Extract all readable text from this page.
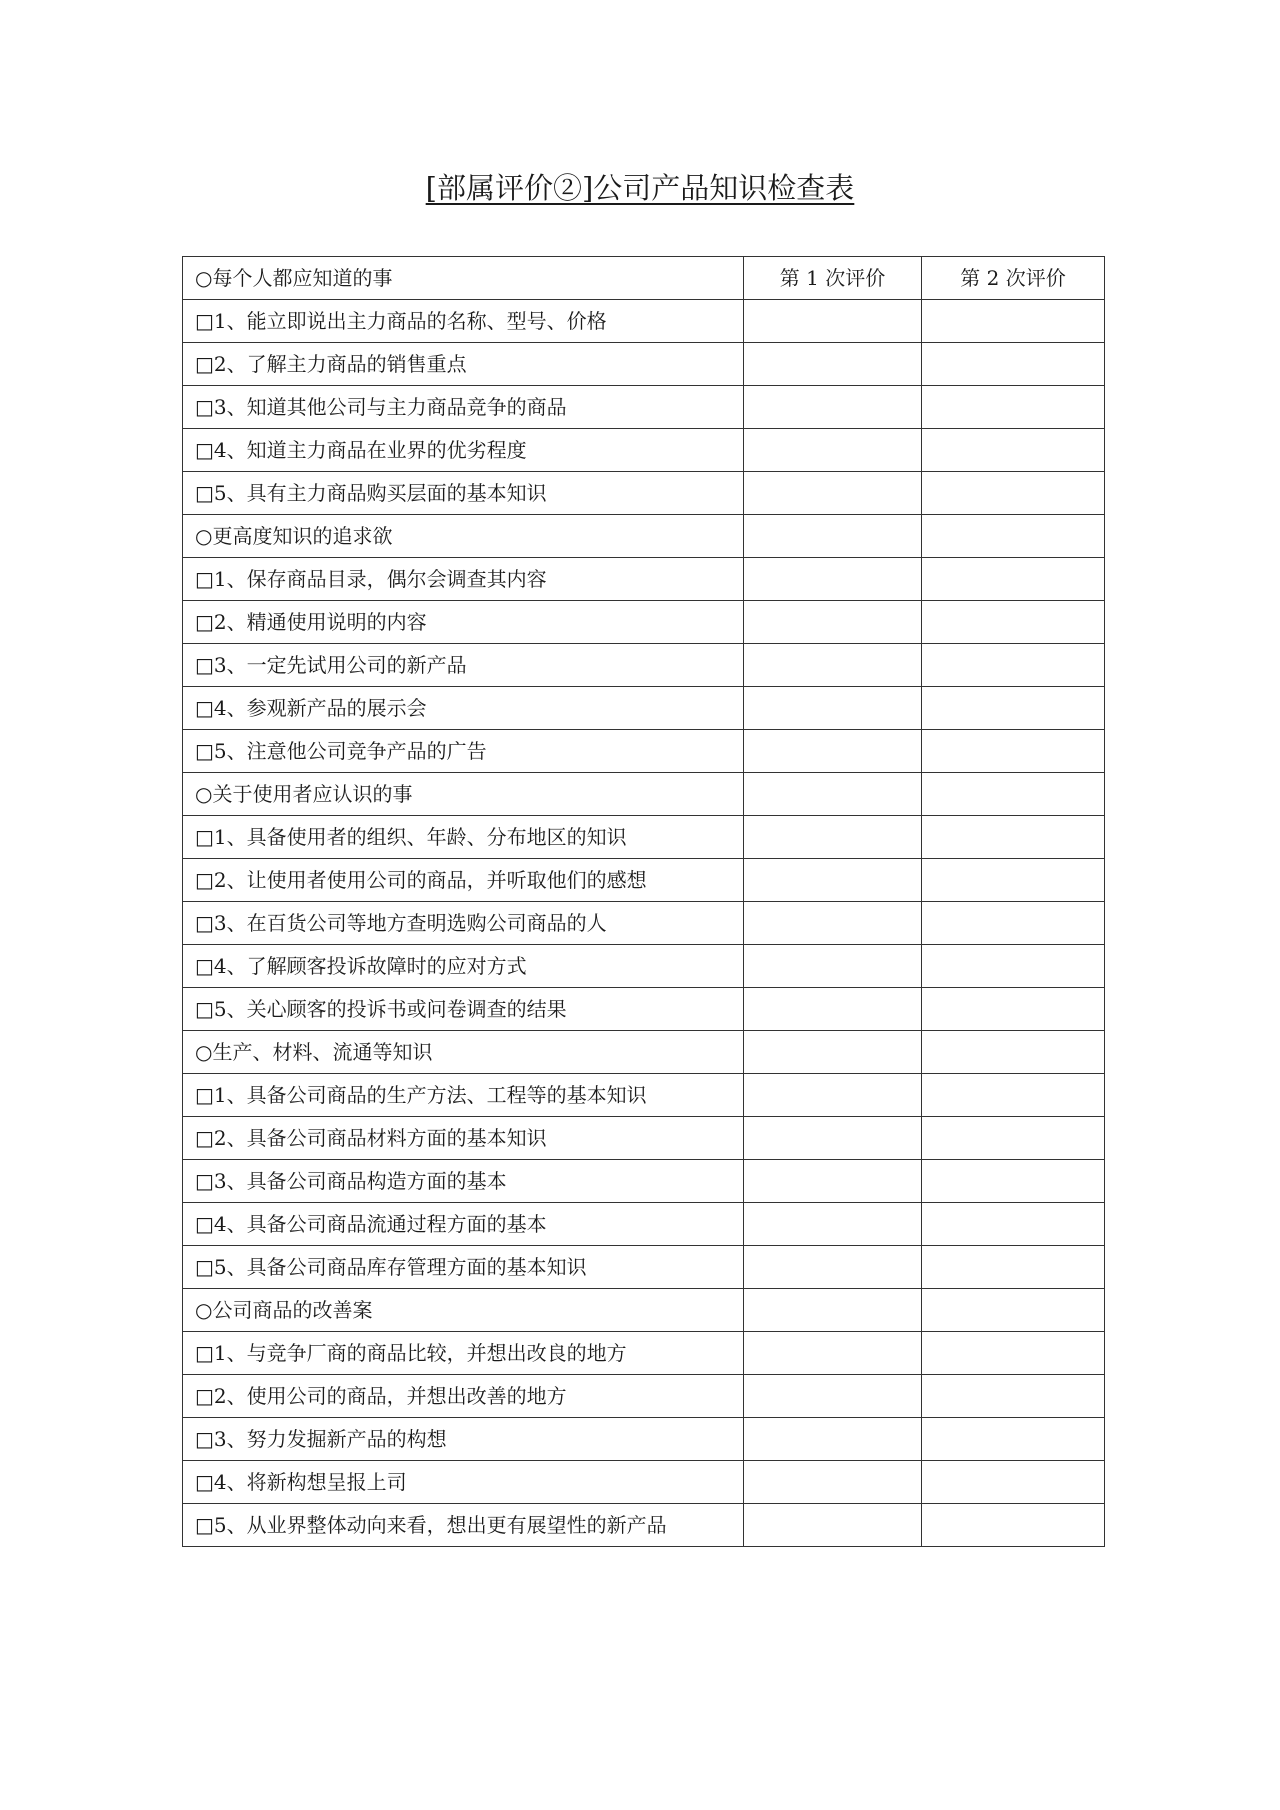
[部属评价②]公司产品知识检查表
○每个人都应知道的事	第 1 次评价	第 2 次评价
□1、能立即说出主力商品的名称、型号、价格		
□2、了解主力商品的销售重点		
□3、知道其他公司与主力商品竞争的商品		
□4、知道主力商品在业界的优劣程度		
□5、具有主力商品购买层面的基本知识		
○更高度知识的追求欲		
□1、保存商品目录，偶尔会调查其内容		
□2、精通使用说明的内容		
□3、一定先试用公司的新产品		
□4、参观新产品的展示会		
□5、注意他公司竞争产品的广告		
○关于使用者应认识的事		
□1、具备使用者的组织、年龄、分布地区的知识		
□2、让使用者使用公司的商品，并听取他们的感想		
□3、在百货公司等地方查明选购公司商品的人		
□4、了解顾客投诉故障时的应对方式		
□5、关心顾客的投诉书或问卷调查的结果		
○生产、材料、流通等知识		
□1、具备公司商品的生产方法、工程等的基本知识		
□2、具备公司商品材料方面的基本知识		
□3、具备公司商品构造方面的基本		
□4、具备公司商品流通过程方面的基本		
□5、具备公司商品库存管理方面的基本知识		
○公司商品的改善案		
□1、与竞争厂商的商品比较，并想出改良的地方		
□2、使用公司的商品，并想出改善的地方		
□3、努力发掘新产品的构想		
□4、将新构想呈报上司		
□5、从业界整体动向来看，想出更有展望性的新产品		
